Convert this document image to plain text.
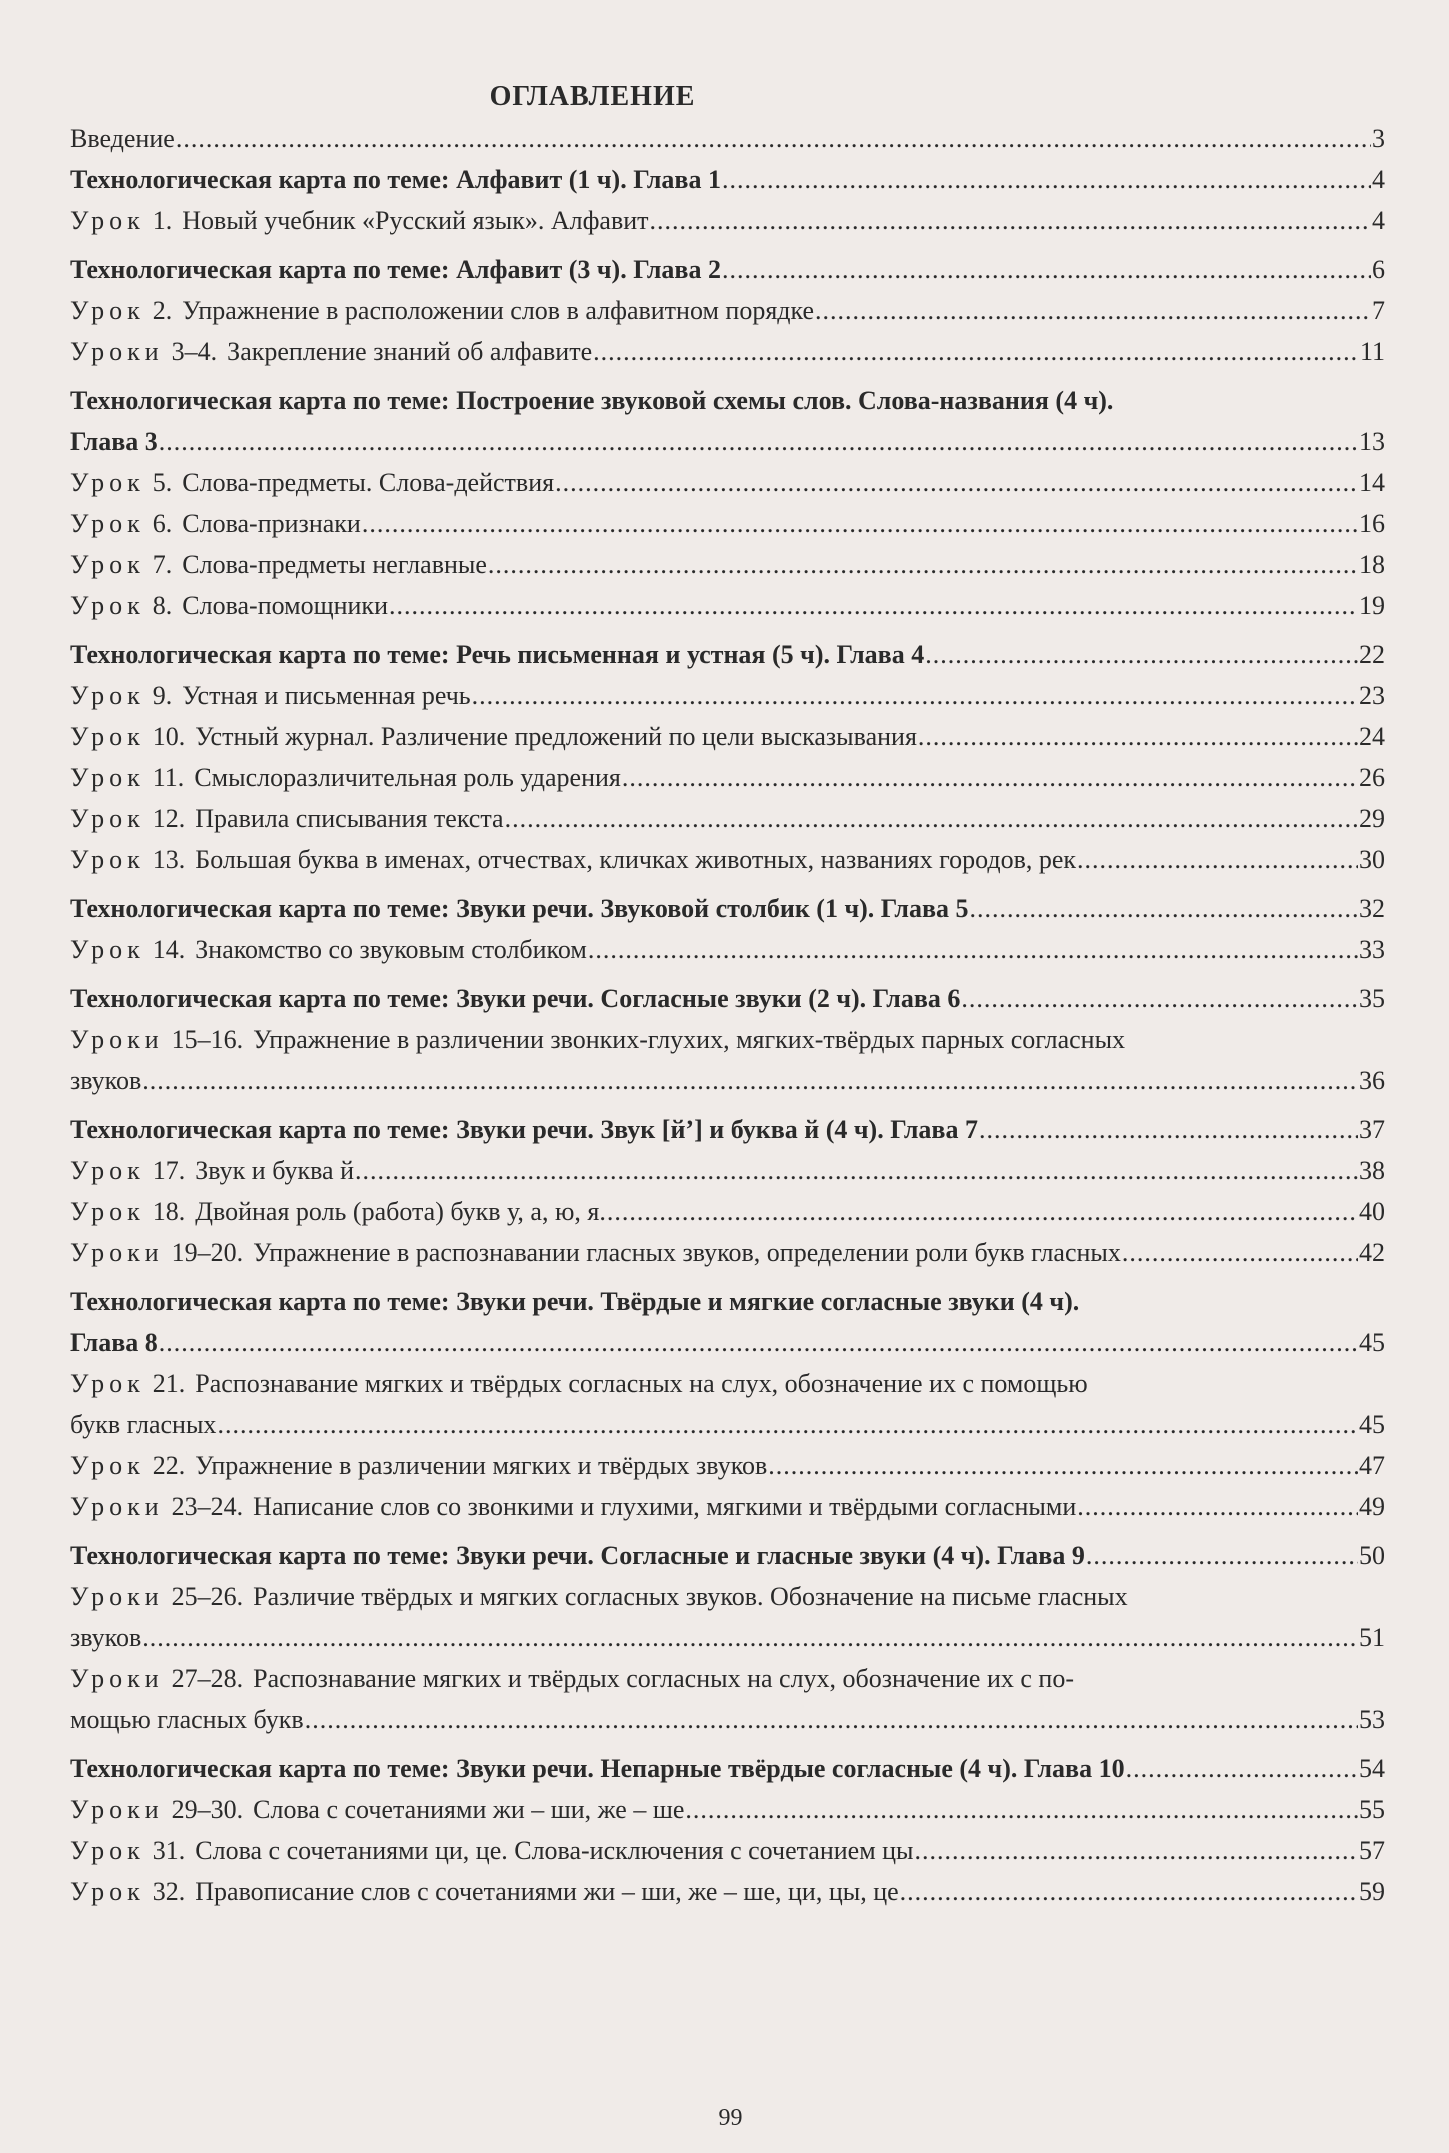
ОГЛАВЛЕНИЕ
Введение .....	3
Технологическая карта по теме: Алфавит (1 ч). Глава 1 .....	4
Урок 1. Новый учебник «Русский язык». Алфавит .....	4
Технологическая карта по теме: Алфавит (3 ч). Глава 2 .....	6
Урок 2. Упражнение в расположении слов в алфавитном порядке .....	7
Уроки 3–4. Закрепление знаний об алфавите .....	11
Технологическая карта по теме: Построение звуковой схемы слов. Слова-названия (4 ч).
Глава 3 .....	13
Урок 5. Слова-предметы. Слова-действия .....	14
Урок 6. Слова-признаки .....	16
Урок 7. Слова-предметы неглавные .....	18
Урок 8. Слова-помощники .....	19
Технологическая карта по теме: Речь письменная и устная (5 ч). Глава 4 .....	22
Урок 9. Устная и письменная речь .....	23
Урок 10. Устный журнал. Различение предложений по цели высказывания .....	24
Урок 11. Смыслоразличительная роль ударения .....	26
Урок 12. Правила списывания текста .....	29
Урок 13. Большая буква в именах, отчествах, кличках животных, названиях городов, рек .....	30
Технологическая карта по теме: Звуки речи. Звуковой столбик (1 ч). Глава 5 .....	32
Урок 14. Знакомство со звуковым столбиком .....	33
Технологическая карта по теме: Звуки речи. Согласные звуки (2 ч). Глава 6 .....	35
Уроки 15–16. Упражнение в различении звонких-глухих, мягких-твёрдых парных согласных
звуков .....	36
Технологическая карта по теме: Звуки речи. Звук [й’] и буква й (4 ч). Глава 7 .....	37
Урок 17. Звук и буква й .....	38
Урок 18. Двойная роль (работа) букв у, а, ю, я. .....	40
Уроки 19–20. Упражнение в распознавании гласных звуков, определении роли букв гласных .....	42
Технологическая карта по теме: Звуки речи. Твёрдые и мягкие согласные звуки (4 ч).
Глава 8 .....	45
Урок 21. Распознавание мягких и твёрдых согласных на слух, обозначение их с помощью
букв гласных .....	45
Урок 22. Упражнение в различении мягких и твёрдых звуков .....	47
Уроки 23–24. Написание слов со звонкими и глухими, мягкими и твёрдыми согласными .....	49
Технологическая карта по теме: Звуки речи. Согласные и гласные звуки (4 ч). Глава 9 .....	50
Уроки 25–26. Различие твёрдых и мягких согласных звуков. Обозначение на письме гласных
звуков .....	51
Уроки 27–28. Распознавание мягких и твёрдых согласных на слух, обозначение их с по-
мощью гласных букв .....	53
Технологическая карта по теме: Звуки речи. Непарные твёрдые согласные (4 ч). Глава 10 .....	54
Уроки 29–30. Слова с сочетаниями жи – ши, же – ше .....	55
Урок 31. Слова с сочетаниями ци, це. Слова-исключения с сочетанием цы .....	57
Урок 32. Правописание слов с сочетаниями жи – ши, же – ше, ци, цы, це .....	59
99
